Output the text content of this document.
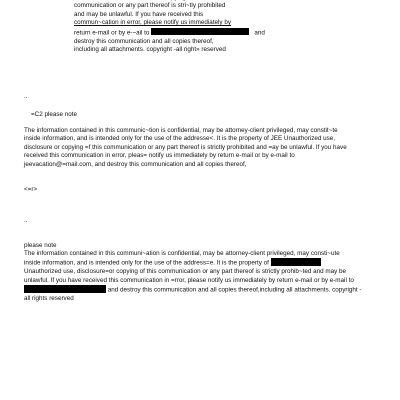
communication or any part thereof is stri~tly prohibited
and may be unlawful. If you have received this
commun~cation in error, please notify us immediately by
return e-mail or by e-~ail to	and
destroy this communication and all copies thereof,
including all attachments. copyright -all right» reserved
..
=C2 please note
The information contained in this communic~tion is confidential, may be attorney-client privileged, may constit~te
inside information, and is intended only for the use of the addresse<. It is the property of JEE Unauthorized use,
disclosure or copying =f this communication or any part thereof is strictly prohibited and =ay be unlawful. If you have
received this communication in error, pleas= notify us immediately by return e-mail or by e-mail to
jeevacation@=mail.com, and destroy this communication and all copies thereof,
<=r>
..
please note
The information contained in this communi~ation is confidential, may be attorney-client privileged, may consti~ute
inside information, and is intended only for the use of the address=e. It is the property of
Unauthorized use, disclosure=or copying of this communication or any part thereof is strictly prohib~ted and may be
unlawful. If you have received this communication in =rror, please notify us immediately by return e-mail or by e-mail to
and destroy this communication and all copies thereof,including all attachments. copyright -
all rights reserved
